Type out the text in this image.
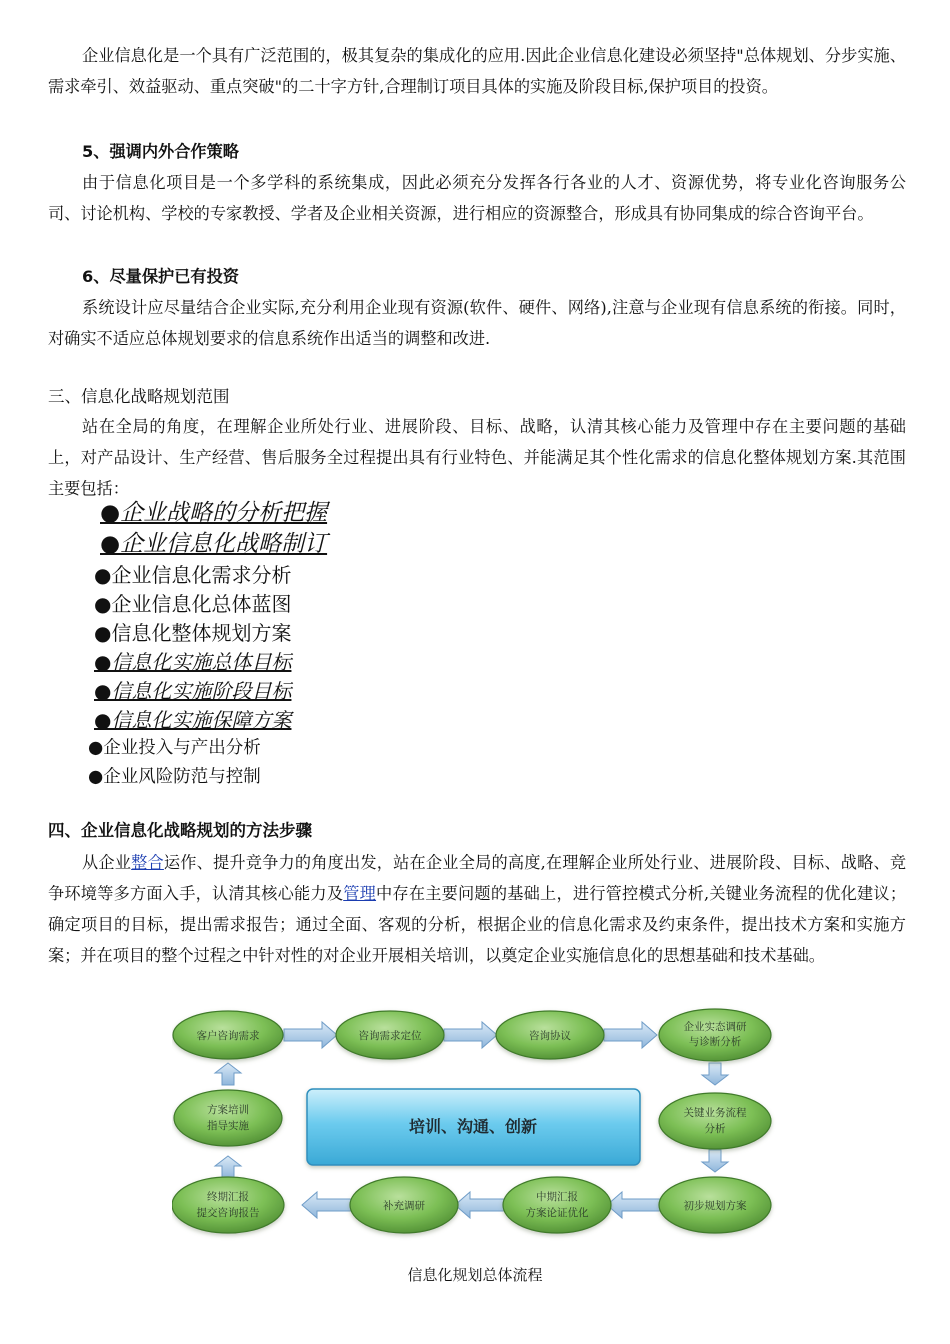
企业信息化是一个具有广泛范围的，极其复杂的集成化的应用.因此企业信息化建设必须坚持"总体规划、分步实施、需求牵引、效益驱动、重点突破"的二十字方针,合理制订项目具体的实施及阶段目标,保护项目的投资。

5、强调内外合作策略

由于信息化项目是一个多学科的系统集成，因此必须充分发挥各行各业的人才、资源优势，将专业化咨询服务公司、讨论机构、学校的专家教授、学者及企业相关资源，进行相应的资源整合，形成具有协同集成的综合咨询平台。

6、尽量保护已有投资

系统设计应尽量结合企业实际,充分利用企业现有资源(软件、硬件、网络),注意与企业现有信息系统的衔接。同时，对确实不适应总体规划要求的信息系统作出适当的调整和改进.

三、信息化战略规划范围

站在全局的角度，在理解企业所处行业、进展阶段、目标、战略，认清其核心能力及管理中存在主要问题的基础上，对产品设计、生产经营、售后服务全过程提出具有行业特色、并能满足其个性化需求的信息化整体规划方案.其范围主要包括：

●企业战略的分析把握

●企业信息化战略制订

●企业信息化需求分析

●企业信息化总体蓝图

●信息化整体规划方案

●信息化实施总体目标

●信息化实施阶段目标

●信息化实施保障方案

●企业投入与产出分析

●企业风险防范与控制

四、企业信息化战略规划的方法步骤

从企业整合运作、提升竞争力的角度出发，站在企业全局的高度,在理解企业所处行业、进展阶段、目标、战略、竞争环境等多方面入手，认清其核心能力及管理中存在主要问题的基础上，进行管控模式分析,关键业务流程的优化建议；确定项目的目标，提出需求报告；通过全面、客观的分析，根据企业的信息化需求及约束条件，提出技术方案和实施方案；并在项目的整个过程之中针对性的对企业开展相关培训，以奠定企业实施信息化的思想基础和技术基础。

培训、沟通、创新
客户咨询需求	咨询需求定位	咨询协议
企业实态调研
与诊断分析
关键业务流程
分析
初步规划方案
中期汇报
方案论证优化
补充调研
终期汇报
提交咨询报告
方案培训
指导实施

信息化规划总体流程
